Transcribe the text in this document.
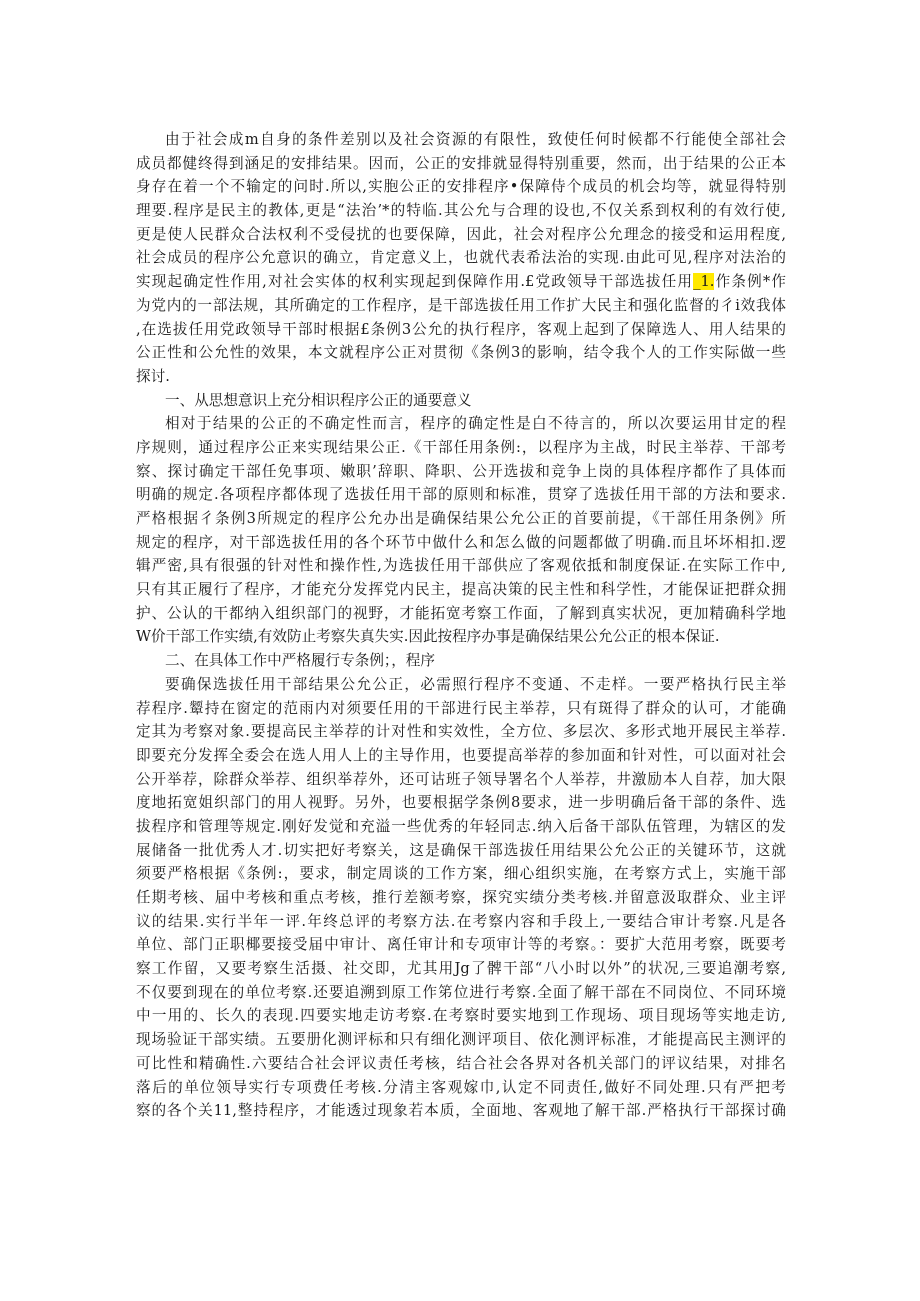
由于社会成m自身的条件差别以及社会资源的有限性，致使任何时候都不行能使全部社会
成员都健终得到涵足的安排结果。因而，公正的安排就显得特别重要，然而，出于结果的公正本
身存在着一个不输定的问时.所以,实胞公正的安排程序•保障侍个成员的机会均等，就显得特别
理要.程序是民主的教体,更是“法治’*的特临.其公允与合理的设也,不仅关系到权利的有效行使,
更是使人民群众合法权利不受侵扰的也要保障，因此，社会对程序公允理念的接受和运用程度,
社会成员的程序公允意识的确立，肯定意义上，也就代表希法治的实现.由此可见,程序对法治的
实现起确定性作用,对社会实体的权利实现起到保障作用.£党政领导干部选拔任用_1.作条例*作
为党内的一部法规，其所确定的工作程序，是干部选拔任用工作扩大民主和强化监督的彳i效我体
,在选拔任用党政领导干部时根据£条例3公允的执行程序，客观上起到了保障选人、用人结果的
公正性和公允性的效果，本文就程序公正对贯彻《条例3的影响，结令我个人的工作实际做一些
探讨.
一、从思想意识上充分相识程序公正的通要意义
相对于结果的公正的不确定性而言，程序的确定性是白不待言的，所以次要运用甘定的程
序规则，通过程序公正来实现结果公正.《干部任用条例:，以程序为主战，时民主举荐、干部考
察、探讨确定干部任免事项、嫩职’辞职、降职、公开选拔和竞争上岗的具体程序都作了具体而
明确的规定.各项程序都体现了选拔任用干部的原则和标准，贯穿了选拔任用干部的方法和要求.
严格根据彳条例3所规定的程序公允办出是确保结果公允公正的首要前提，《干部任用条例》所
规定的程序，对干部选拔任用的各个环节中做什么和怎么做的问题都做了明确.而且坏坏相扣.逻
辑严密,具有很强的针对性和操作性,为选拔任用干部供应了客观依抵和制度保证.在实际工作中,
只有其正履行了程序，才能充分发挥党内民主，提高决策的民主性和科学性，才能保证把群众拥
护、公认的干都纳入组织部门的视野，才能拓宽考察工作面，了解到真实状况，更加精确科学地
W价干部工作实绩,有效防止考察失真失实.因此按程序办事是确保结果公允公正的根本保证.
二、在具体工作中严格履行专条例；，程序
要确保选拔任用干部结果公允公正，必需照行程序不变通、不走样。一要严格执行民主举
荐程序.颦持在窗定的范雨内对须要任用的干部进行民主举荐，只有斑得了群众的认可，才能确
定其为考察对象.要提高民主举荐的计对性和实效性，全方位、多层次、多形式地开展民主举荐.
即要充分发挥全委会在选人用人上的主导作用，也要提高举荐的参加面和针对性，可以面对社会
公开举荐，除群众举荐、组织举荐外，还可诂班子领导署名个人举荐，井激励本人自荐，加大限
度地拓宽姐织部门的用人视野。另外，也要根据学条例8要求，进一步明确后备干部的条件、选
拔程序和管理等规定.刚好发觉和充溢一些优秀的年轻同志.纳入后备干部队伍管理，为辖区的发
展储备一批优秀人才.切实把好考察关，这是确保干部选拔任用结果公允公正的关键环节，这就
须要严格根据《条例:，要求，制定周谈的工作方案，细心组织实施，在考察方式上，实施干部
任期考核、届中考核和重点考核，推行差额考察，探究实绩分类考核.并留意汲取群众、业主评
议的结果.实行半年一评.年终总评的考察方法.在考察内容和手段上,一要结合审计考察.凡是各
单位、部门正职椰要接受届中审计、离任审计和专项审计等的考察。：要扩大范用考察，既要考
察工作留，又要考察生活摄、社交即，尤其用Jg了髀干部“八小时以外”的状况,三要追潮考察,
不仅要到现在的单位考察.还要追溯到原工作笫位进行考察.全面了解干部在不同岗位、不同环境
中一用的、长久的表现.四要实地走访考察.在考察时要实地到工作现场、项目现场等实地走访,
现场验证干部实绩。五要册化测评标和只有细化测评项目、依化测评标准，才能提高民主测评的
可比性和精确性.六要结合社会评议责任考核，结合社会各界对各机关部门的评议结果，对排名
落后的单位领导实行专项费任考核.分清主客观嫁巾,认定不同责任,做好不同处理.只有严把考
察的各个关11,整持程序，才能透过现象若本质，全面地、客观地了解干部.严格执行干部探讨确
